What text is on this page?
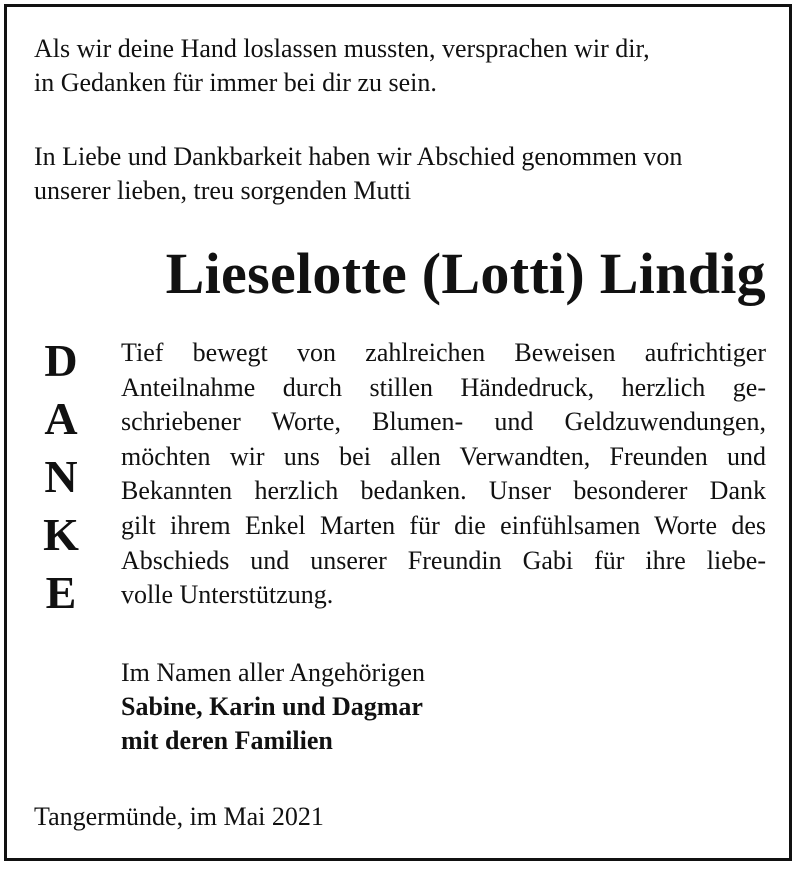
Als wir deine Hand loslassen mussten, versprachen wir dir,
in Gedanken für immer bei dir zu sein.
In Liebe und Dankbarkeit haben wir Abschied genommen von
unserer lieben, treu sorgenden Mutti
Lieselotte (Lotti) Lindig
D
A
N
K
E
Tief bewegt von zahlreichen Beweisen aufrichtiger
Anteilnahme durch stillen Händedruck, herzlich ge-
schriebener Worte, Blumen- und Geldzuwendungen,
möchten wir uns bei allen Verwandten, Freunden und
Bekannten herzlich bedanken. Unser besonderer Dank
gilt ihrem Enkel Marten für die einfühlsamen Worte des
Abschieds und unserer Freundin Gabi für ihre liebe-
volle Unterstützung.
Im Namen aller Angehörigen
Sabine, Karin und Dagmar
mit deren Familien
Tangermünde, im Mai 2021
